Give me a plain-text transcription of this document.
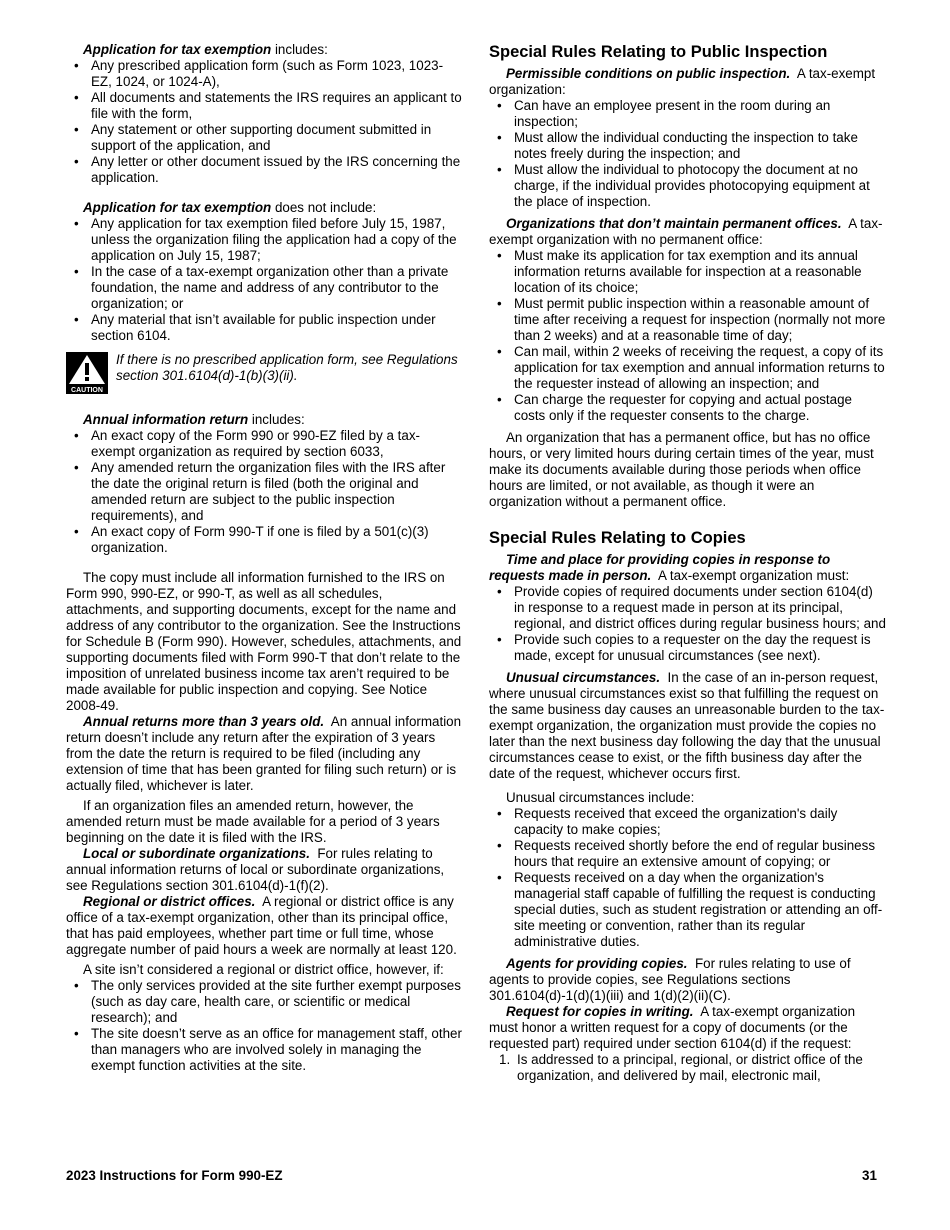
Application for tax exemption includes:

• Any prescribed application form (such as Form 1023, 1023-EZ, 1024, or 1024-A),
• All documents and statements the IRS requires an applicant to file with the form,
• Any statement or other supporting document submitted in support of the application, and
• Any letter or other document issued by the IRS concerning the application.

Application for tax exemption does not include:

• Any application for tax exemption filed before July 15, 1987, unless the organization filing the application had a copy of the application on July 15, 1987;
• In the case of a tax-exempt organization other than a private foundation, the name and address of any contributor to the organization; or
• Any material that isn’t available for public inspection under section 6104.
CAUTION
If there is no prescribed application form, see Regulations section 301.6104(d)-1(b)(3)(ii).

Annual information return includes:

• An exact copy of the Form 990 or 990-EZ filed by a tax-exempt organization as required by section 6033,
• Any amended return the organization files with the IRS after the date the original return is filed (both the original and amended return are subject to the public inspection requirements), and
• An exact copy of Form 990-T if one is filed by a 501(c)(3) organization.

The copy must include all information furnished to the IRS on Form 990, 990-EZ, or 990-T, as well as all schedules, attachments, and supporting documents, except for the name and address of any contributor to the organization. See the Instructions for Schedule B (Form 990). However, schedules, attachments, and supporting documents filed with Form 990-T that don’t relate to the imposition of unrelated business income tax aren’t required to be made available for public inspection and copying. See Notice 2008-49.

Annual returns more than 3 years old. An annual information return doesn’t include any return after the expiration of 3 years from the date the return is required to be filed (including any extension of time that has been granted for filing such return) or is actually filed, whichever is later.

If an organization files an amended return, however, the amended return must be made available for a period of 3 years beginning on the date it is filed with the IRS.

Local or subordinate organizations. For rules relating to annual information returns of local or subordinate organizations, see Regulations section 301.6104(d)-1(f)(2).

Regional or district offices. A regional or district office is any office of a tax-exempt organization, other than its principal office, that has paid employees, whether part time or full time, whose aggregate number of paid hours a week are normally at least 120.

A site isn’t considered a regional or district office, however, if:

• The only services provided at the site further exempt purposes (such as day care, health care, or scientific or medical research); and
• The site doesn’t serve as an office for management staff, other than managers who are involved solely in managing the exempt function activities at the site.
Special Rules Relating to Public Inspection

Permissible conditions on public inspection. A tax-exempt organization:

• Can have an employee present in the room during an inspection;
• Must allow the individual conducting the inspection to take notes freely during the inspection; and
• Must allow the individual to photocopy the document at no charge, if the individual provides photocopying equipment at the place of inspection.

Organizations that don’t maintain permanent offices. A tax-exempt organization with no permanent office:

• Must make its application for tax exemption and its annual information returns available for inspection at a reasonable location of its choice;
• Must permit public inspection within a reasonable amount of time after receiving a request for inspection (normally not more than 2 weeks) and at a reasonable time of day;
• Can mail, within 2 weeks of receiving the request, a copy of its application for tax exemption and annual information returns to the requester instead of allowing an inspection; and
• Can charge the requester for copying and actual postage costs only if the requester consents to the charge.

An organization that has a permanent office, but has no office hours, or very limited hours during certain times of the year, must make its documents available during those periods when office hours are limited, or not available, as though it were an organization without a permanent office.

Special Rules Relating to Copies

Time and place for providing copies in response to requests made in person. A tax-exempt organization must:

• Provide copies of required documents under section 6104(d) in response to a request made in person at its principal, regional, and district offices during regular business hours; and
• Provide such copies to a requester on the day the request is made, except for unusual circumstances (see next).

Unusual circumstances. In the case of an in-person request, where unusual circumstances exist so that fulfilling the request on the same business day causes an unreasonable burden to the tax-exempt organization, the organization must provide the copies no later than the next business day following the day that the unusual circumstances cease to exist, or the fifth business day after the date of the request, whichever occurs first.

Unusual circumstances include:

• Requests received that exceed the organization's daily capacity to make copies;
• Requests received shortly before the end of regular business hours that require an extensive amount of copying; or
• Requests received on a day when the organization's managerial staff capable of fulfilling the request is conducting special duties, such as student registration or attending an off-site meeting or convention, rather than its regular administrative duties.

Agents for providing copies. For rules relating to use of agents to provide copies, see Regulations sections 301.6104(d)-1(d)(1)(iii) and 1(d)(2)(ii)(C).

Request for copies in writing. A tax-exempt organization must honor a written request for a copy of documents (or the requested part) required under section 6104(d) if the request:

1. Is addressed to a principal, regional, or district office of the organization, and delivered by mail, electronic mail,
2023 Instructions for Form 990-EZ	31
